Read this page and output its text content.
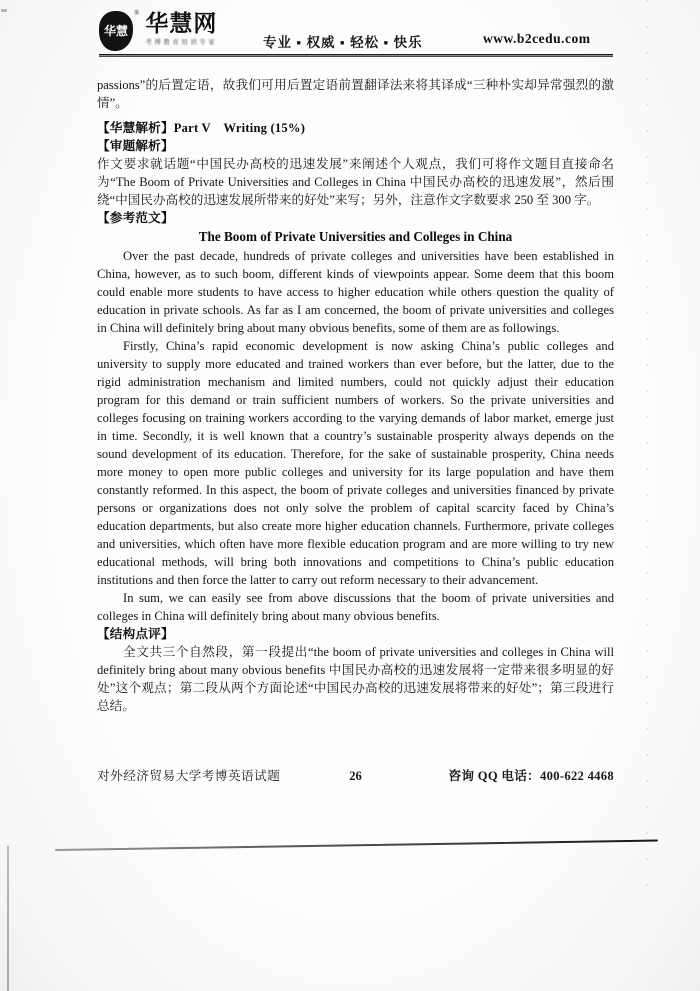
华慧
® 华慧网
考博教育培训专家	专业 ▪ 权威 ▪ 轻松 ▪ 快乐	www.b2cedu.com

passions”的后置定语，故我们可用后置定语前置翻译法来将其译成“三种朴实却异常强烈的激情”。

【华慧解析】Part V　Writing (15%)

【审题解析】

作文要求就话题“中国民办高校的迅速发展”来阐述个人观点，我们可将作文题目直接命名为“The Boom of Private Universities and Colleges in China 中国民办高校的迅速发展”，然后围绕“中国民办高校的迅速发展所带来的好处”来写；另外，注意作文字数要求 250 至 300 字。

【参考范文】

The Boom of Private Universities and Colleges in China

Over the past decade, hundreds of private colleges and universities have been established in China, however, as to such boom, different kinds of viewpoints appear. Some deem that this boom could enable more students to have access to higher education while others question the quality of education in private schools. As far as I am concerned, the boom of private universities and colleges in China will definitely bring about many obvious benefits, some of them are as followings.

Firstly, China’s rapid economic development is now asking China’s public colleges and university to supply more educated and trained workers than ever before, but the latter, due to the rigid administration mechanism and limited numbers, could not quickly adjust their education program for this demand or train sufficient numbers of workers. So the private universities and colleges focusing on training workers according to the varying demands of labor market, emerge just in time. Secondly, it is well known that a country’s sustainable prosperity always depends on the sound development of its education. Therefore, for the sake of sustainable prosperity, China needs more money to open more public colleges and university for its large population and have them constantly reformed. In this aspect, the boom of private colleges and universities financed by private persons or organizations does not only solve the problem of capital scarcity faced by China’s education departments, but also create more higher education channels. Furthermore, private colleges and universities, which often have more flexible education program and are more willing to try new educational methods, will bring both innovations and competitions to China’s public education institutions and then force the latter to carry out reform necessary to their advancement.

In sum, we can easily see from above discussions that the boom of private universities and colleges in China will definitely bring about many obvious benefits.

【结构点评】

全文共三个自然段，第一段提出“the boom of private universities and colleges in China will definitely bring about many obvious benefits 中国民办高校的迅速发展将一定带来很多明显的好处”这个观点；第二段从两个方面论述“中国民办高校的迅速发展将带来的好处”；第三段进行总结。

对外经济贸易大学考博英语试题	26	咨询 QQ 电话：400-622 4468
